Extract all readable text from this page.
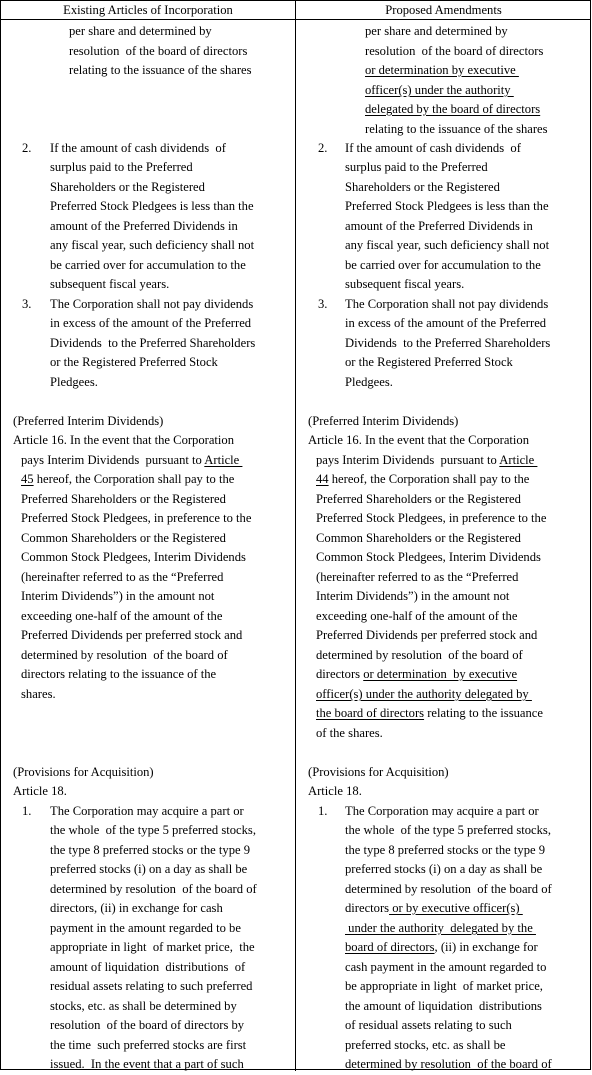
Existing Articles of Incorporation	Proposed Amendments
per share and determined by
resolution  of the board of directors
relating to the issuance of the shares
2. If the amount of cash dividends  of
surplus paid to the Preferred
Shareholders or the Registered
Preferred Stock Pledgees is less than the
amount of the Preferred Dividends in
any fiscal year, such deficiency shall not
be carried over for accumulation to the
subsequent fiscal years.
3. The Corporation shall not pay dividends
in excess of the amount of the Preferred
Dividends  to the Preferred Shareholders
or the Registered Preferred Stock
Pledgees.
(Preferred Interim Dividends)
Article 16. In the event that the Corporation
pays Interim Dividends  pursuant to Article
45 hereof, the Corporation shall pay to the
Preferred Shareholders or the Registered
Preferred Stock Pledgees, in preference to the
Common Shareholders or the Registered
Common Stock Pledgees, Interim Dividends
(hereinafter referred to as the “Preferred
Interim Dividends”) in the amount not
exceeding one-half of the amount of the
Preferred Dividends per preferred stock and
determined by resolution  of the board of
directors relating to the issuance of the
shares.
(Provisions for Acquisition)
Article 18.
1. The Corporation may acquire a part or
the whole  of the type 5 preferred stocks,
the type 8 preferred stocks or the type 9
preferred stocks (i) on a day as shall be
determined by resolution  of the board of
directors, (ii) in exchange for cash
payment in the amount regarded to be
appropriate in light  of market price,  the
amount of liquidation  distributions  of
residual assets relating to such preferred
stocks, etc. as shall be determined by
resolution  of the board of directors by
the time  such preferred stocks are first
issued.  In the event that a part of such
per share and determined by
resolution  of the board of directors
or determination by executive
officer(s) under the authority
delegated by the board of directors
relating to the issuance of the shares
2. If the amount of cash dividends  of
surplus paid to the Preferred
Shareholders or the Registered
Preferred Stock Pledgees is less than the
amount of the Preferred Dividends in
any fiscal year, such deficiency shall not
be carried over for accumulation to the
subsequent fiscal years.
3. The Corporation shall not pay dividends
in excess of the amount of the Preferred
Dividends  to the Preferred Shareholders
or the Registered Preferred Stock
Pledgees.
(Preferred Interim Dividends)
Article 16. In the event that the Corporation
pays Interim Dividends  pursuant to Article
44 hereof, the Corporation shall pay to the
Preferred Shareholders or the Registered
Preferred Stock Pledgees, in preference to the
Common Shareholders or the Registered
Common Stock Pledgees, Interim Dividends
(hereinafter referred to as the “Preferred
Interim Dividends”) in the amount not
exceeding one-half of the amount of the
Preferred Dividends per preferred stock and
determined by resolution  of the board of
directors or determination  by executive
officer(s) under the authority delegated by
the board of directors relating to the issuance
of the shares.
(Provisions for Acquisition)
Article 18.
1. The Corporation may acquire a part or
the whole  of the type 5 preferred stocks,
the type 8 preferred stocks or the type 9
preferred stocks (i) on a day as shall be
determined by resolution  of the board of
directors or by executive officer(s)
under the authority  delegated by the
board of directors, (ii) in exchange for
cash payment in the amount regarded to
be appropriate in light  of market price,
the amount of liquidation  distributions
of residual assets relating to such
preferred stocks, etc. as shall be
determined by resolution  of the board of
